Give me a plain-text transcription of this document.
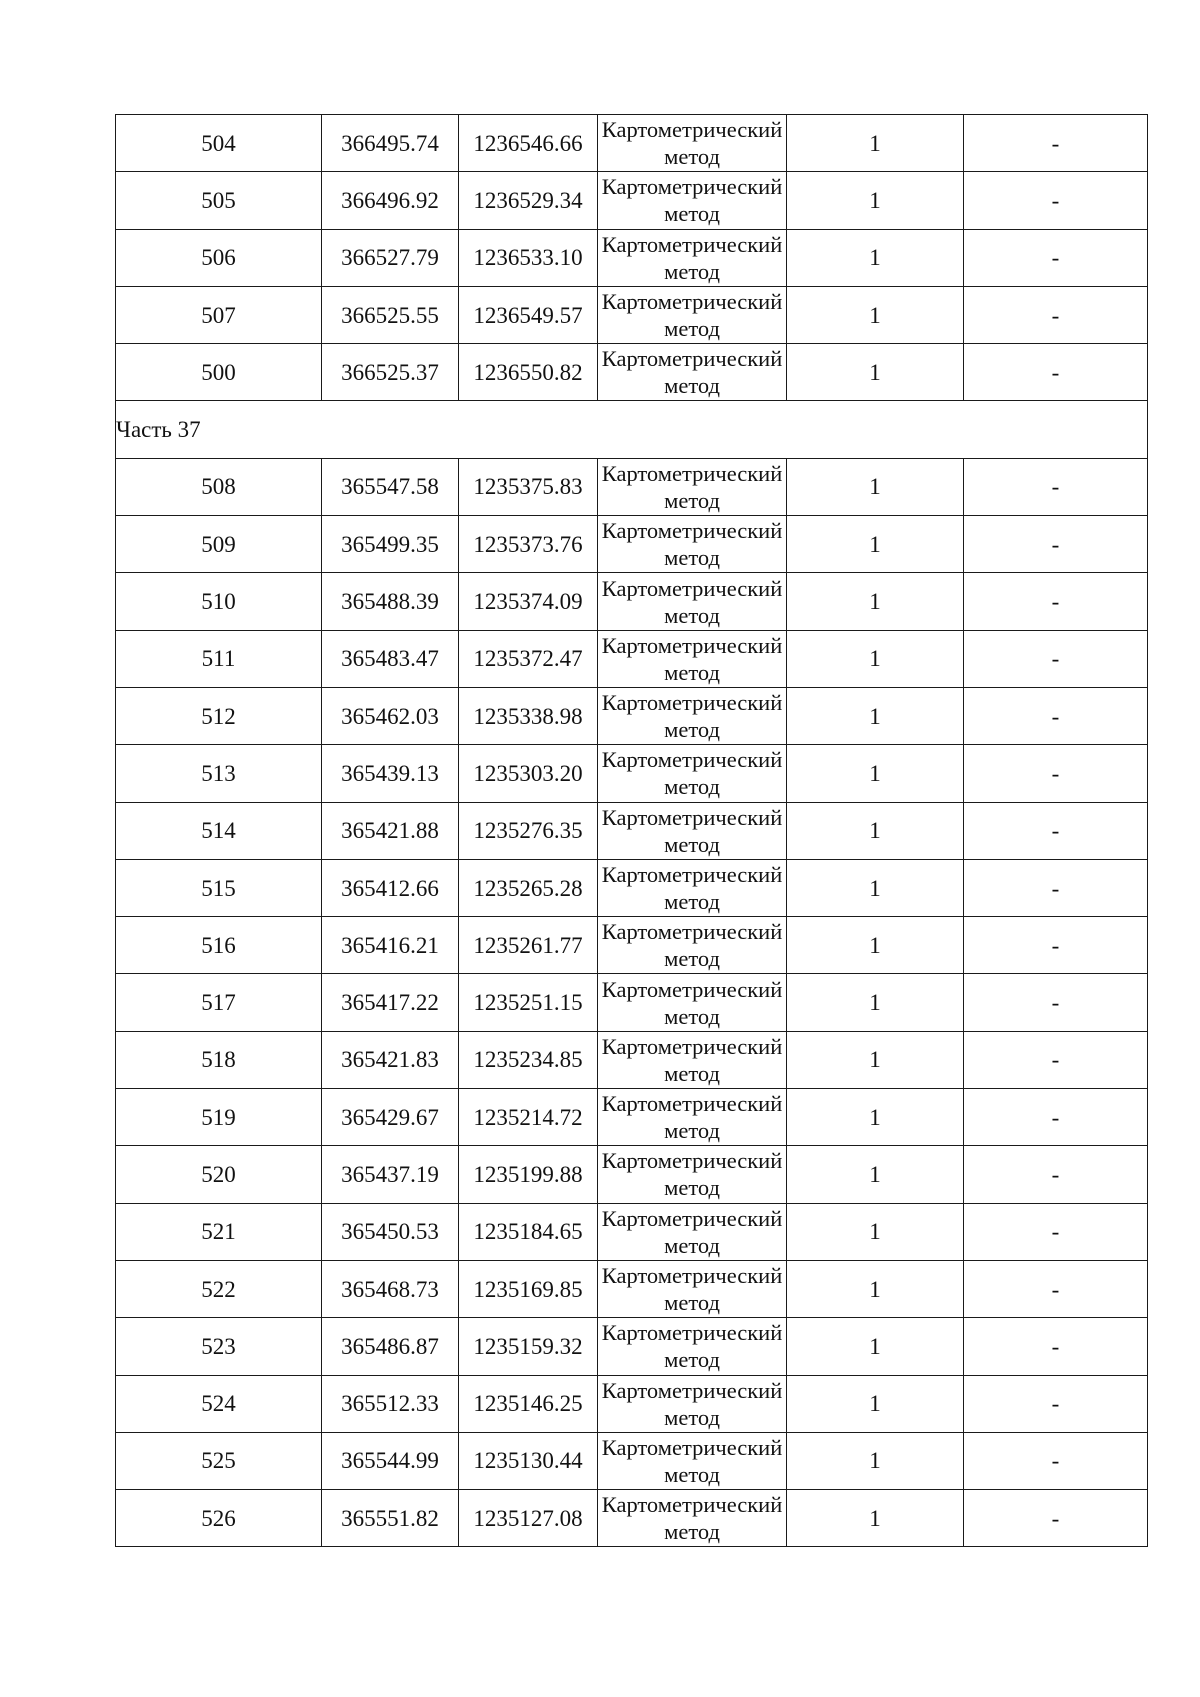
504	366495.74	1236546.66	Картометрический метод	1	-
505	366496.92	1236529.34	Картометрический метод	1	-
506	366527.79	1236533.10	Картометрический метод	1	-
507	366525.55	1236549.57	Картометрический метод	1	-
500	366525.37	1236550.82	Картометрический метод	1	-
Часть 37					
508	365547.58	1235375.83	Картометрический метод	1	-
509	365499.35	1235373.76	Картометрический метод	1	-
510	365488.39	1235374.09	Картометрический метод	1	-
511	365483.47	1235372.47	Картометрический метод	1	-
512	365462.03	1235338.98	Картометрический метод	1	-
513	365439.13	1235303.20	Картометрический метод	1	-
514	365421.88	1235276.35	Картометрический метод	1	-
515	365412.66	1235265.28	Картометрический метод	1	-
516	365416.21	1235261.77	Картометрический метод	1	-
517	365417.22	1235251.15	Картометрический метод	1	-
518	365421.83	1235234.85	Картометрический метод	1	-
519	365429.67	1235214.72	Картометрический метод	1	-
520	365437.19	1235199.88	Картометрический метод	1	-
521	365450.53	1235184.65	Картометрический метод	1	-
522	365468.73	1235169.85	Картометрический метод	1	-
523	365486.87	1235159.32	Картометрический метод	1	-
524	365512.33	1235146.25	Картометрический метод	1	-
525	365544.99	1235130.44	Картометрический метод	1	-
526	365551.82	1235127.08	Картометрический метод	1	-
